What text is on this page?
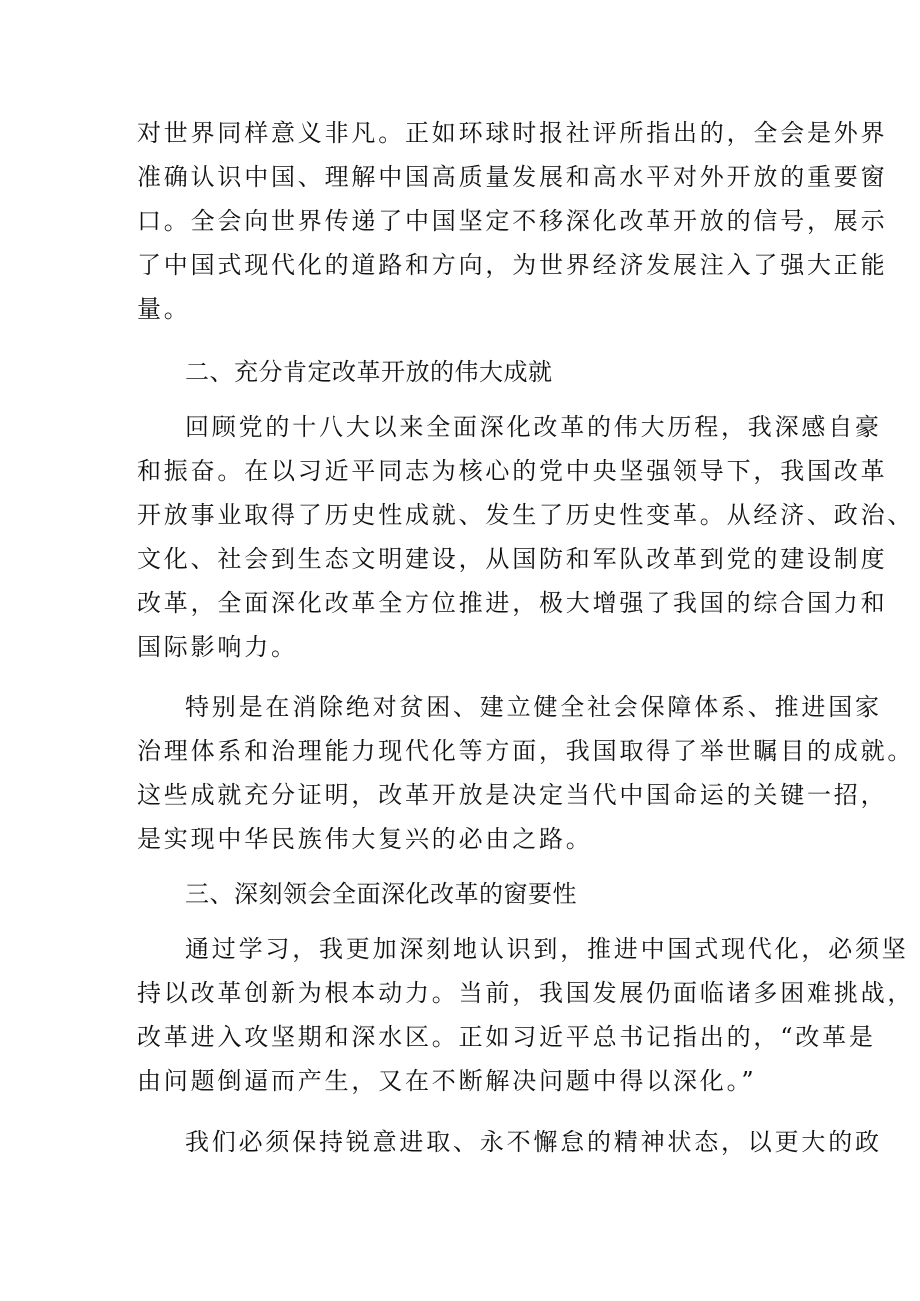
对世界同样意义非凡。正如环球时报社评所指出的，全会是外界
准确认识中国、理解中国高质量发展和高水平对外开放的重要窗
口。全会向世界传递了中国坚定不移深化改革开放的信号，展示
了中国式现代化的道路和方向，为世界经济发展注入了强大正能
量。
二、充分肯定改革开放的伟大成就
回顾党的十八大以来全面深化改革的伟大历程，我深感自豪
和振奋。在以习近平同志为核心的党中央坚强领导下，我国改革
开放事业取得了历史性成就、发生了历史性变革。从经济、政治、
文化、社会到生态文明建设，从国防和军队改革到党的建设制度
改革，全面深化改革全方位推进，极大增强了我国的综合国力和
国际影响力。
特别是在消除绝对贫困、建立健全社会保障体系、推进国家
治理体系和治理能力现代化等方面，我国取得了举世瞩目的成就。
这些成就充分证明，改革开放是决定当代中国命运的关键一招，
是实现中华民族伟大复兴的必由之路。
三、深刻领会全面深化改革的窗要性
通过学习，我更加深刻地认识到，推进中国式现代化，必须坚
持以改革创新为根本动力。当前，我国发展仍面临诸多困难挑战，
改革进入攻坚期和深水区。正如习近平总书记指出的，“改革是
由问题倒逼而产生，又在不断解决问题中得以深化。”
我们必须保持锐意进取、永不懈怠的精神状态，以更大的政
